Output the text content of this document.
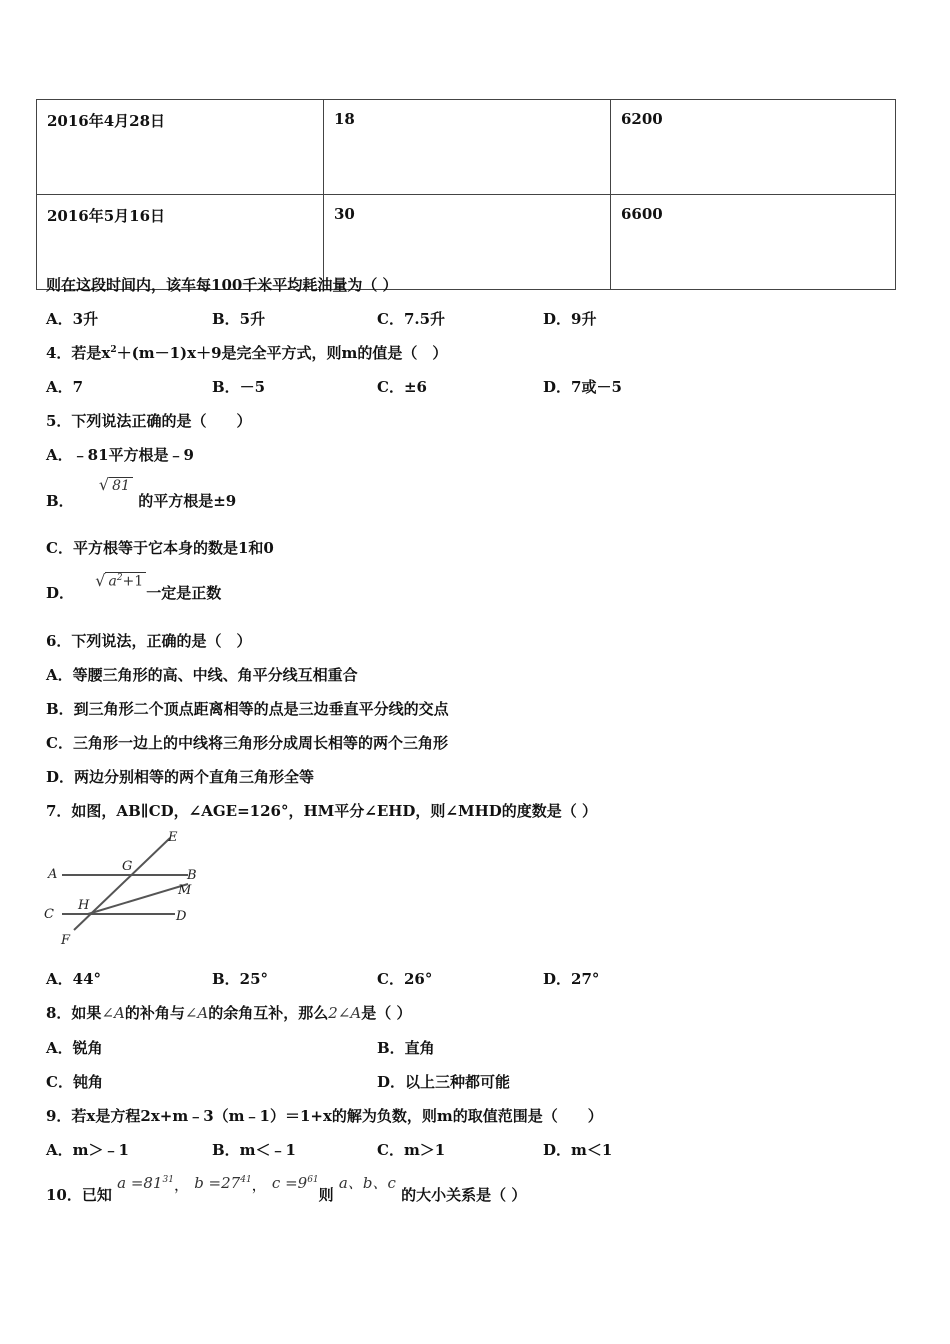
2016年4月28日	18	6200
2016年5月16日	30	6600
则在这段时间内，该车每100千米平均耗油量为（ ）
A．3升	B．5升	C．7.5升	D．9升
4．若是$x^2+(m-1)x+9$是完全平方式，则m的值是（　）
A．7	B．－5	C．±6	D．7或－5
5．下列说法正确的是（　　）
A．﹣81平方根是﹣9
B． √ 81 的平方根是±9
C．平方根等于它本身的数是1和0
D． √ $a^2+1$一定是正数
6．下列说法，正确的是（　）
A．等腰三角形的高、中线、角平分线互相重合
B．到三角形二个顶点距离相等的点是三边垂直平分线的交点
C．三角形一边上的中线将三角形分成周长相等的两个三角形
D．两边分别相等的两个直角三角形全等
7．如图，AB∥CD，∠AGE=126°，HM平分∠EHD，则∠MHD的度数是（ ）
A	B
C	D
E
F
G
H
M
A．44°	B．25°	C．26°	D．27°
8．如果∠A的补角与∠A的余角互补，那么2∠A是（ ）
A．锐角	B．直角
C．钝角	D．以上三种都可能
9．若x是方程2x+m﹣3（m﹣1）＝1+x的解为负数，则m的取值范围是（　　）
A．m＞﹣1	B．m＜﹣1	C．m＞1	D．m＜1
10．已知 $a =81^{31}$， $b =27^{41}$， $c =9^{61}$则 a、b、c 的大小关系是（ ）
